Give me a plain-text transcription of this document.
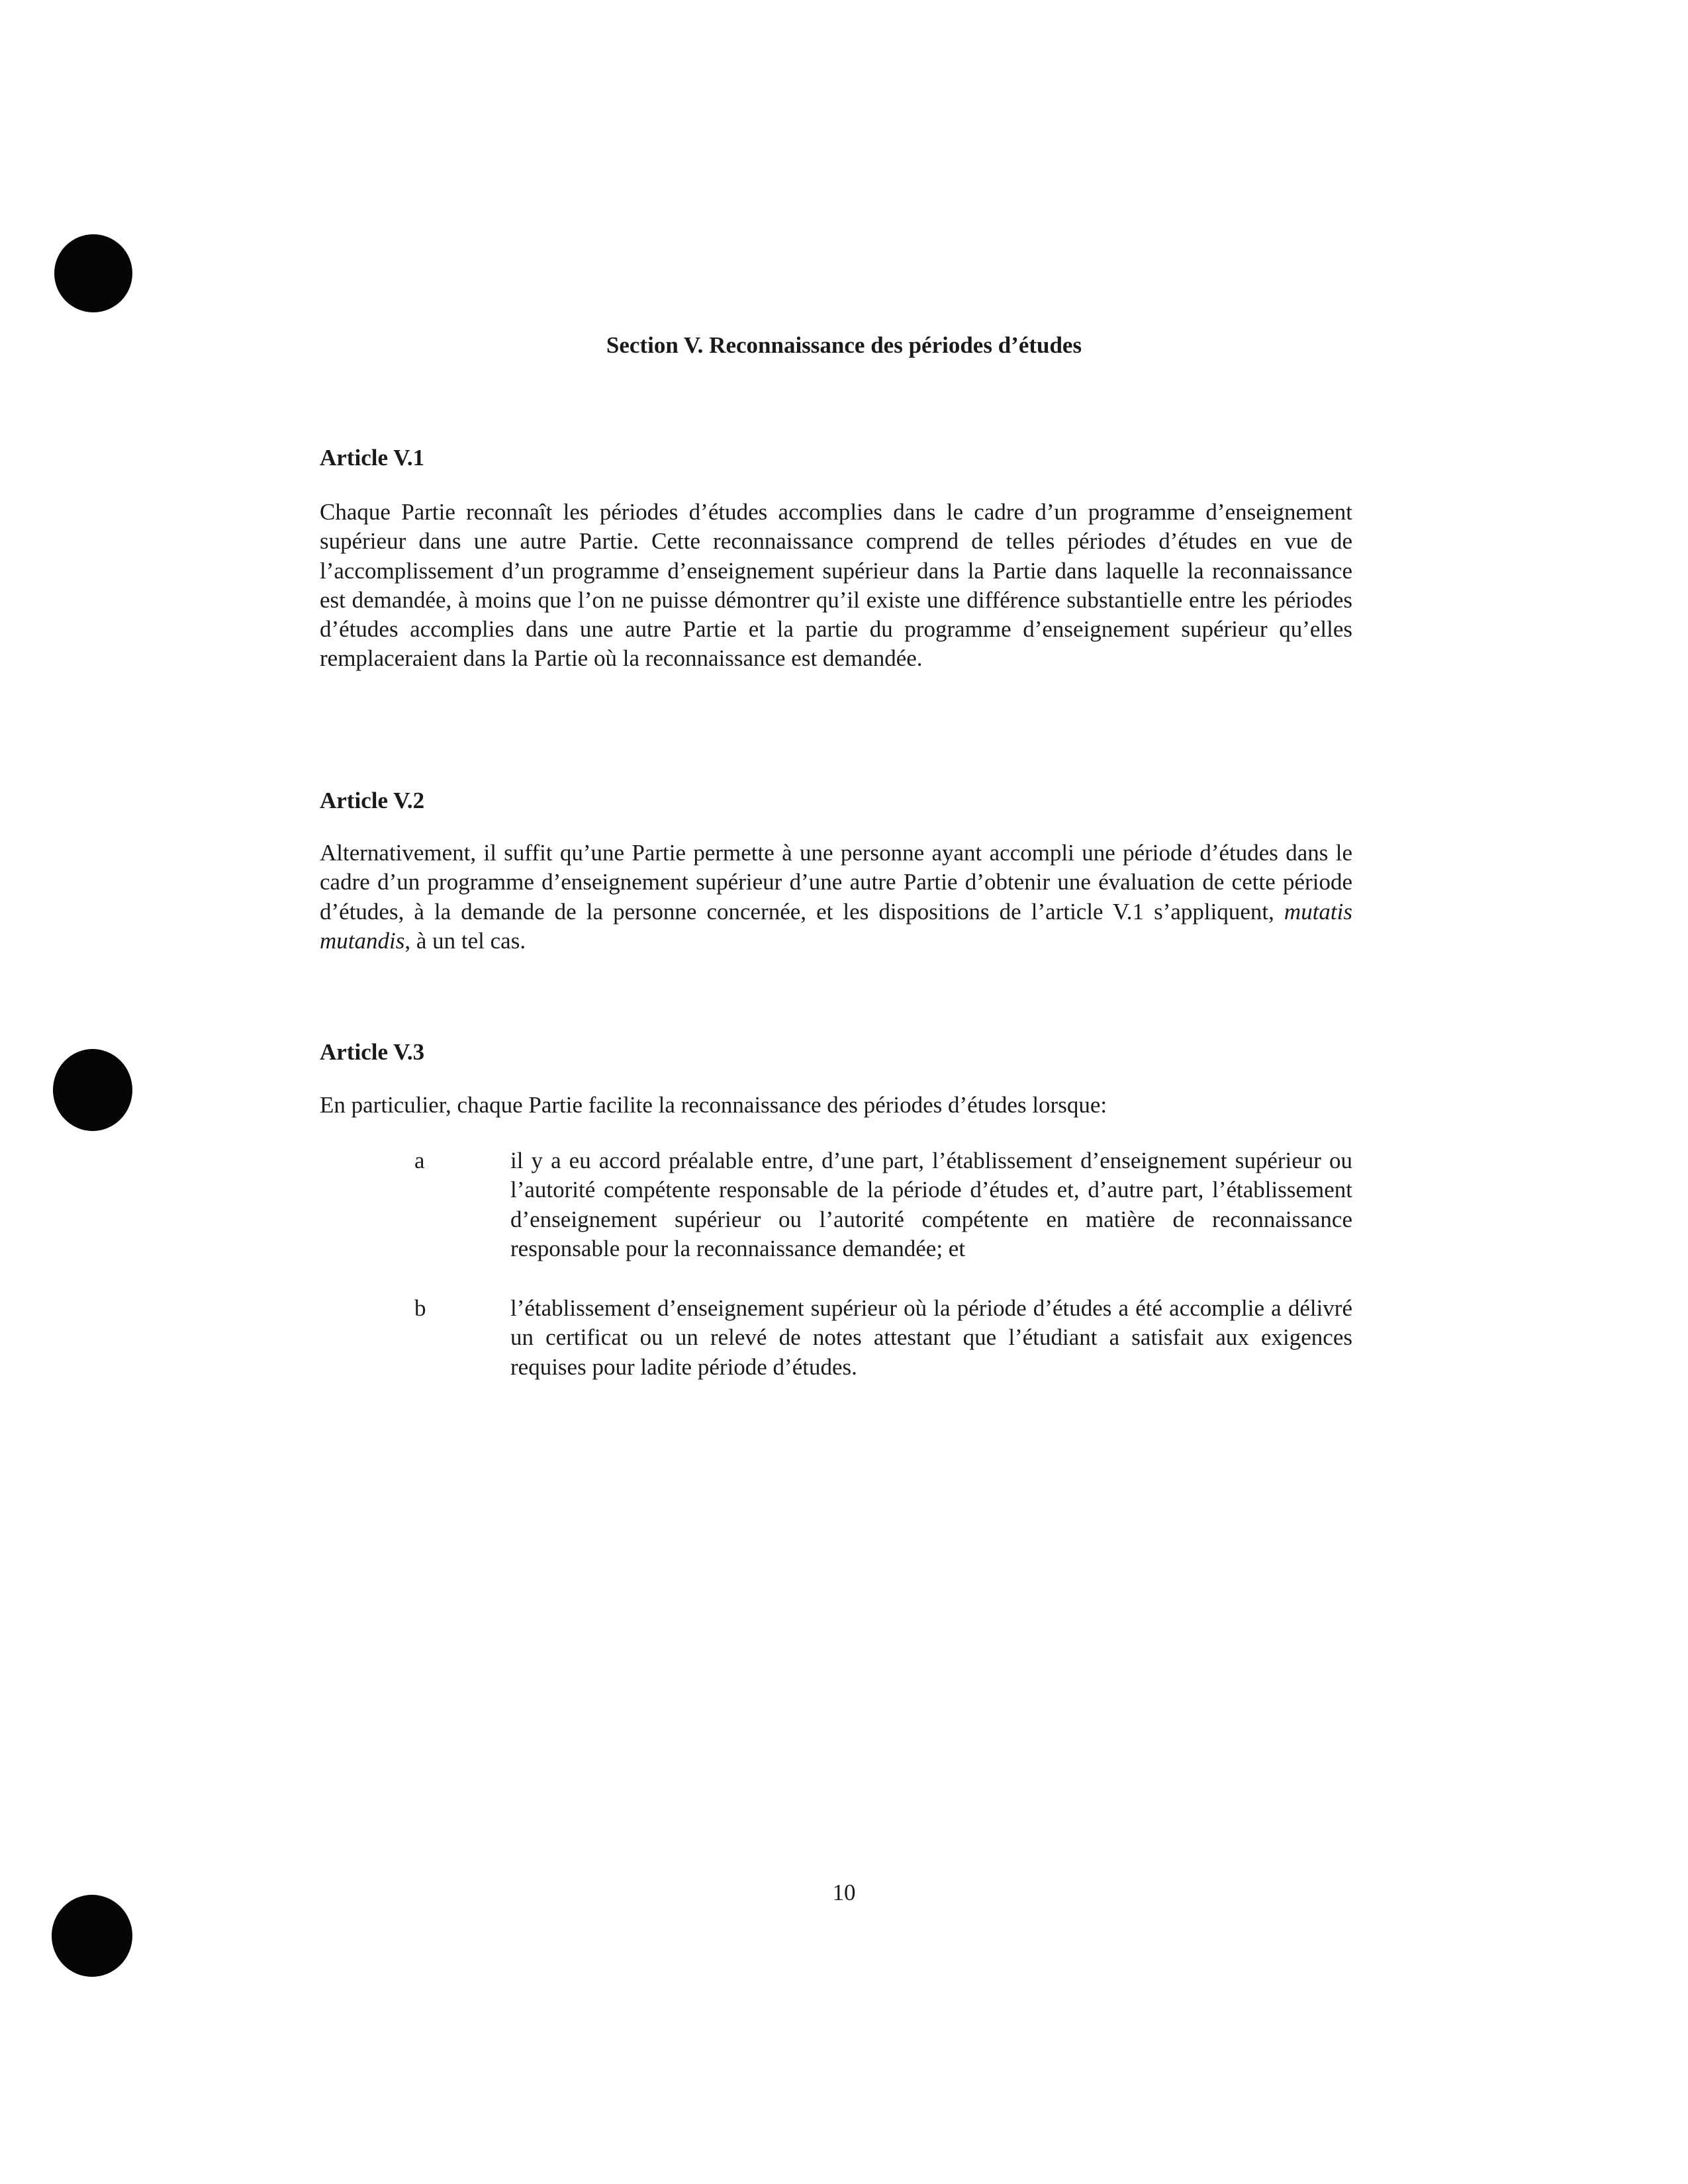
Section V. Reconnaissance des périodes d’études
Article V.1

Chaque Partie reconnaît les périodes d’études accomplies dans le cadre d’un programme d’enseignement supérieur dans une autre Partie. Cette reconnaissance comprend de telles périodes d’études en vue de l’accomplissement d’un programme d’enseignement supérieur dans la Partie dans laquelle la reconnaissance est demandée, à moins que l’on ne puisse démontrer qu’il existe une différence substantielle entre les périodes d’études accomplies dans une autre Partie et la partie du programme d’enseignement supérieur qu’elles remplaceraient dans la Partie où la reconnaissance est demandée.

Article V.2

Alternativement, il suffit qu’une Partie permette à une personne ayant accompli une période d’études dans le cadre d’un programme d’enseignement supérieur d’une autre Partie d’obtenir une évaluation de cette période d’études, à la demande de la personne concernée, et les dispositions de l’article V.1 s’appliquent, mutatis mutandis, à un tel cas.

Article V.3

En particulier, chaque Partie facilite la reconnaissance des périodes d’études lorsque:

a	il y a eu accord préalable entre, d’une part, l’établissement d’enseignement supérieur ou l’autorité compétente responsable de la période d’études et, d’autre part, l’établissement d’enseignement supérieur ou l’autorité compétente en matière de reconnaissance responsable pour la reconnaissance demandée; et

b	l’établissement d’enseignement supérieur où la période d’études a été accomplie a délivré un certificat ou un relevé de notes attestant que l’étudiant a satisfait aux exigences requises pour ladite période d’études.

10
